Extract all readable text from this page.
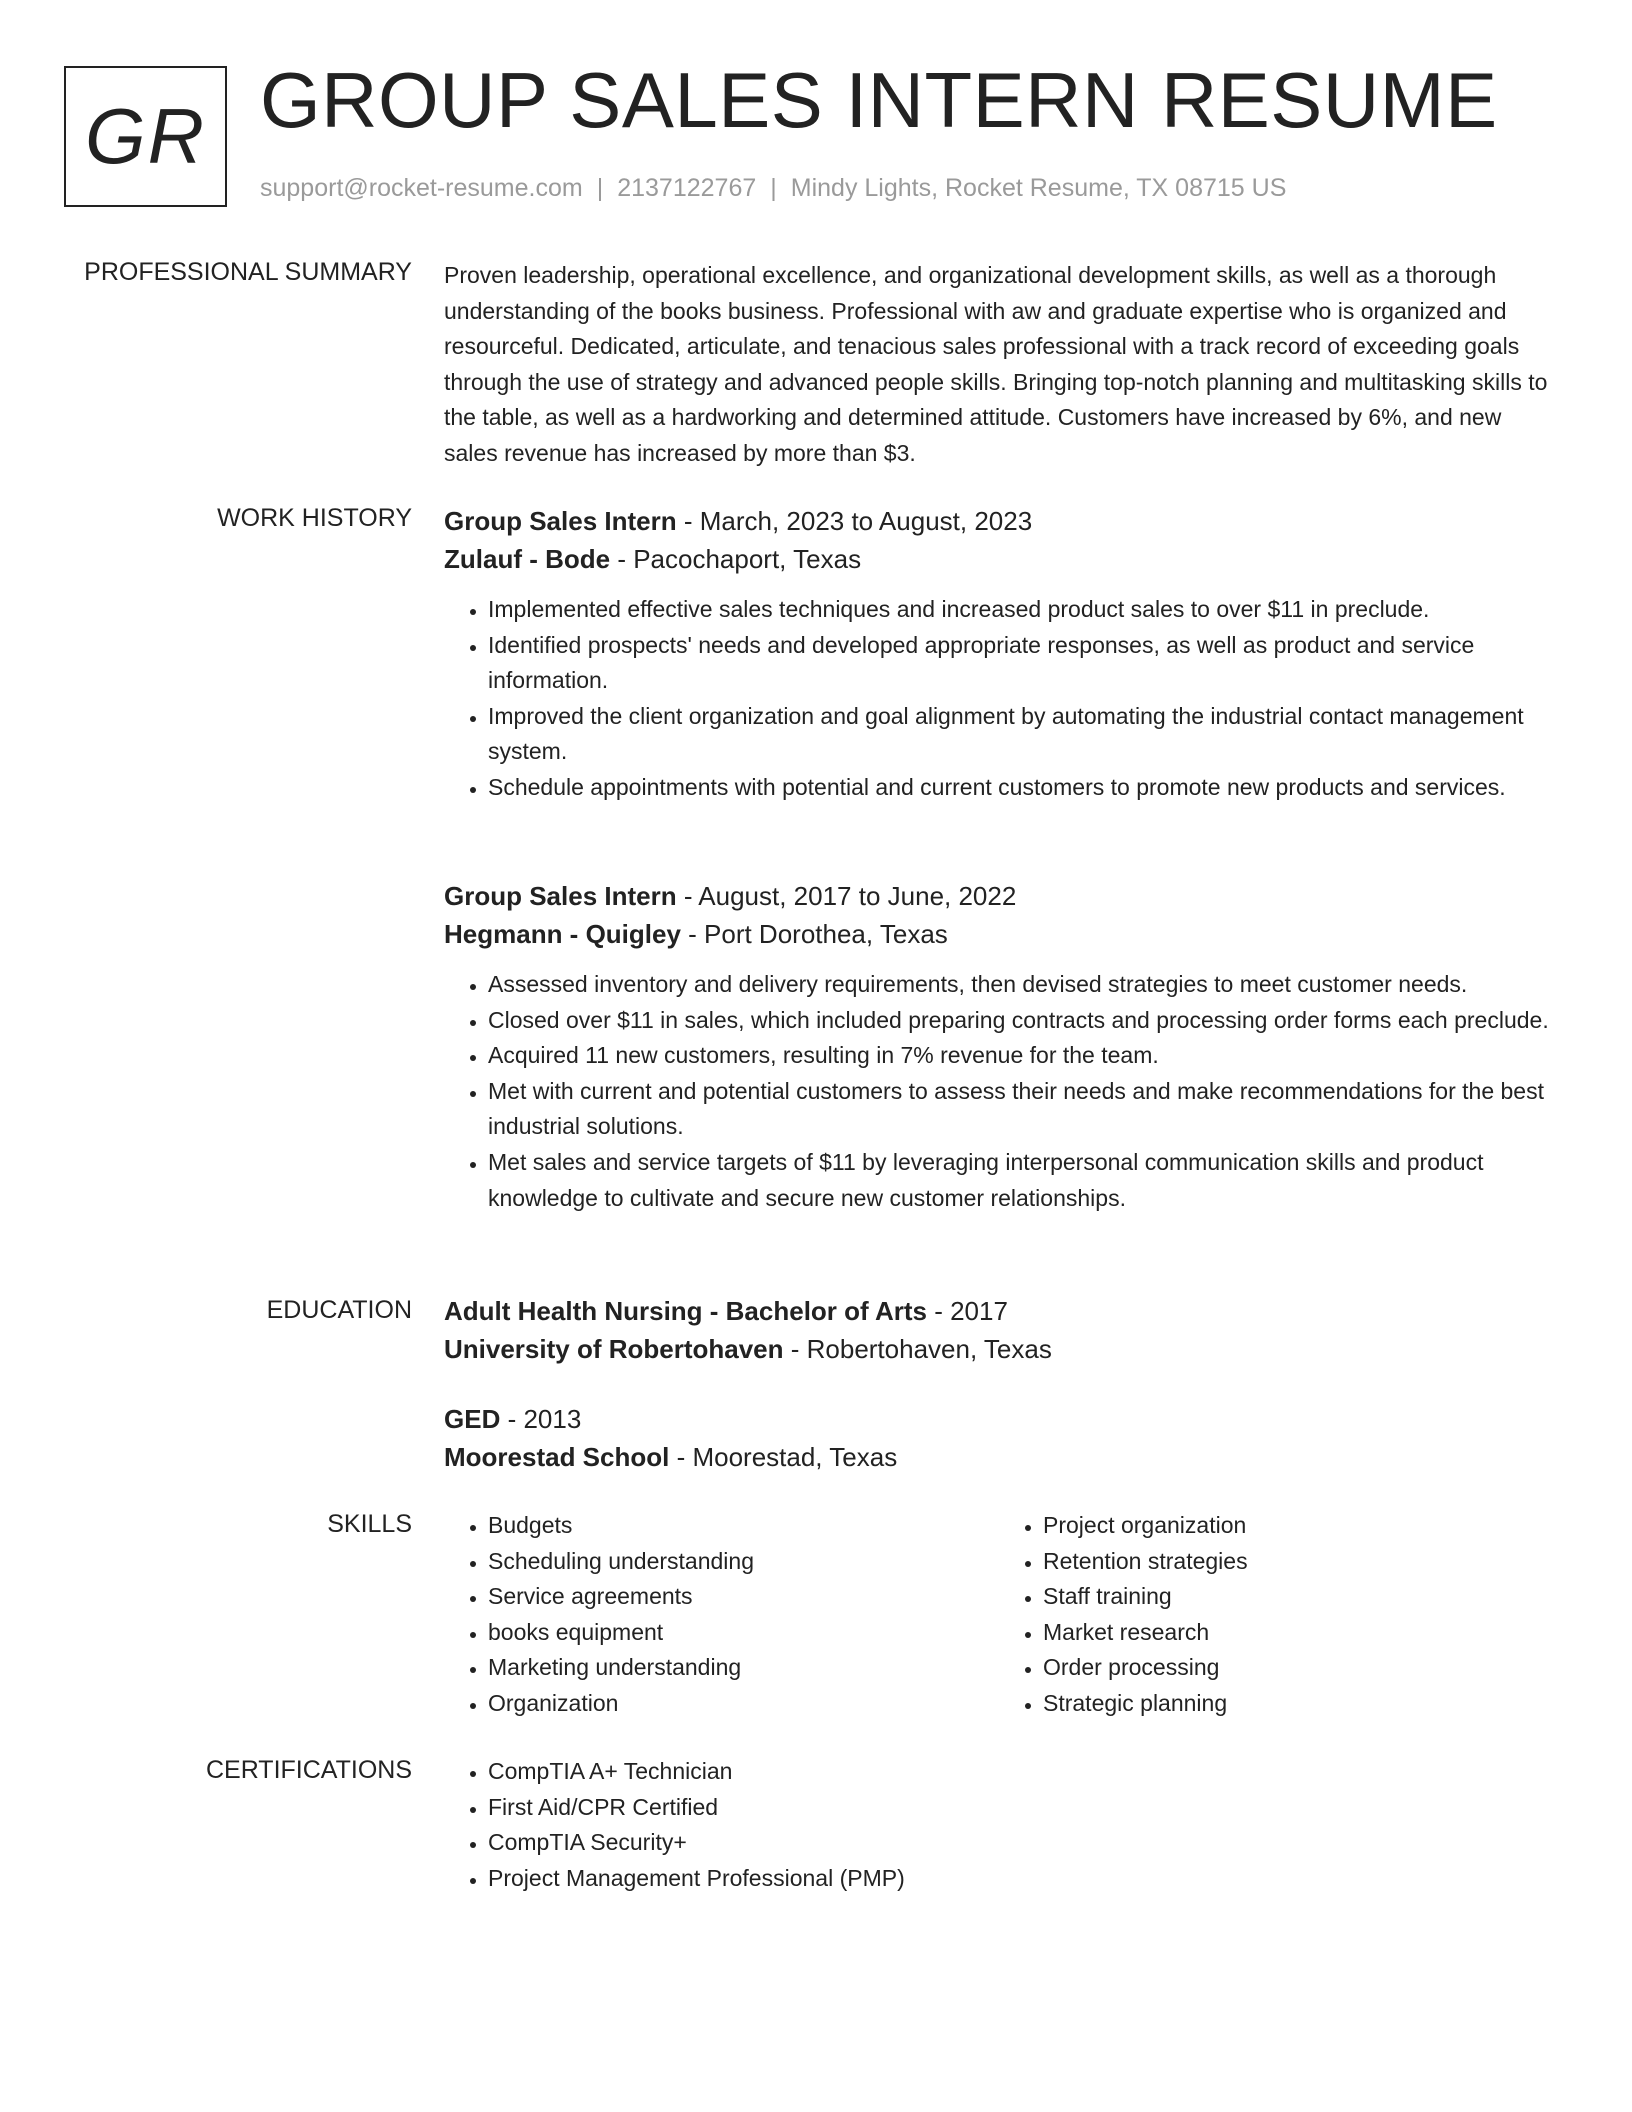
GR GROUP SALES INTERN RESUME
support@rocket-resume.com | 2137122767 | Mindy Lights, Rocket Resume, TX 08715 US
PROFESSIONAL SUMMARY Proven leadership, operational excellence, and organizational development skills, as well as a thorough understanding of the books business. Professional with aw and graduate expertise who is organized and resourceful. Dedicated, articulate, and tenacious sales professional with a track record of exceeding goals through the use of strategy and advanced people skills. Bringing top-notch planning and multitasking skills to the table, as well as a hardworking and determined attitude. Customers have increased by 6%, and new sales revenue has increased by more than $3.

WORK HISTORY Group Sales Intern - March, 2023 to August, 2023
Zulauf - Bode - Pacochaport, Texas
• Implemented effective sales techniques and increased product sales to over $11 in preclude.
• Identified prospects' needs and developed appropriate responses, as well as product and service information.
• Improved the client organization and goal alignment by automating the industrial contact management system.
• Schedule appointments with potential and current customers to promote new products and services.
Group Sales Intern - August, 2017 to June, 2022
Hegmann - Quigley - Port Dorothea, Texas
• Assessed inventory and delivery requirements, then devised strategies to meet customer needs.
• Closed over $11 in sales, which included preparing contracts and processing order forms each preclude.
• Acquired 11 new customers, resulting in 7% revenue for the team.
• Met with current and potential customers to assess their needs and make recommendations for the best industrial solutions.
• Met sales and service targets of $11 by leveraging interpersonal communication skills and product knowledge to cultivate and secure new customer relationships.
EDUCATION Adult Health Nursing - Bachelor of Arts - 2017
University of Robertohaven - Robertohaven, Texas
GED - 2013
Moorestad School - Moorestad, Texas
SKILLS	• Budgets
• Scheduling understanding
• Service agreements
• books equipment
• Marketing understanding
• Organization
• Project organization
• Retention strategies
• Staff training
• Market research
• Order processing
• Strategic planning
CERTIFICATIONS	• CompTIA A+ Technician
• First Aid/CPR Certified
• CompTIA Security+
• Project Management Professional (PMP)
